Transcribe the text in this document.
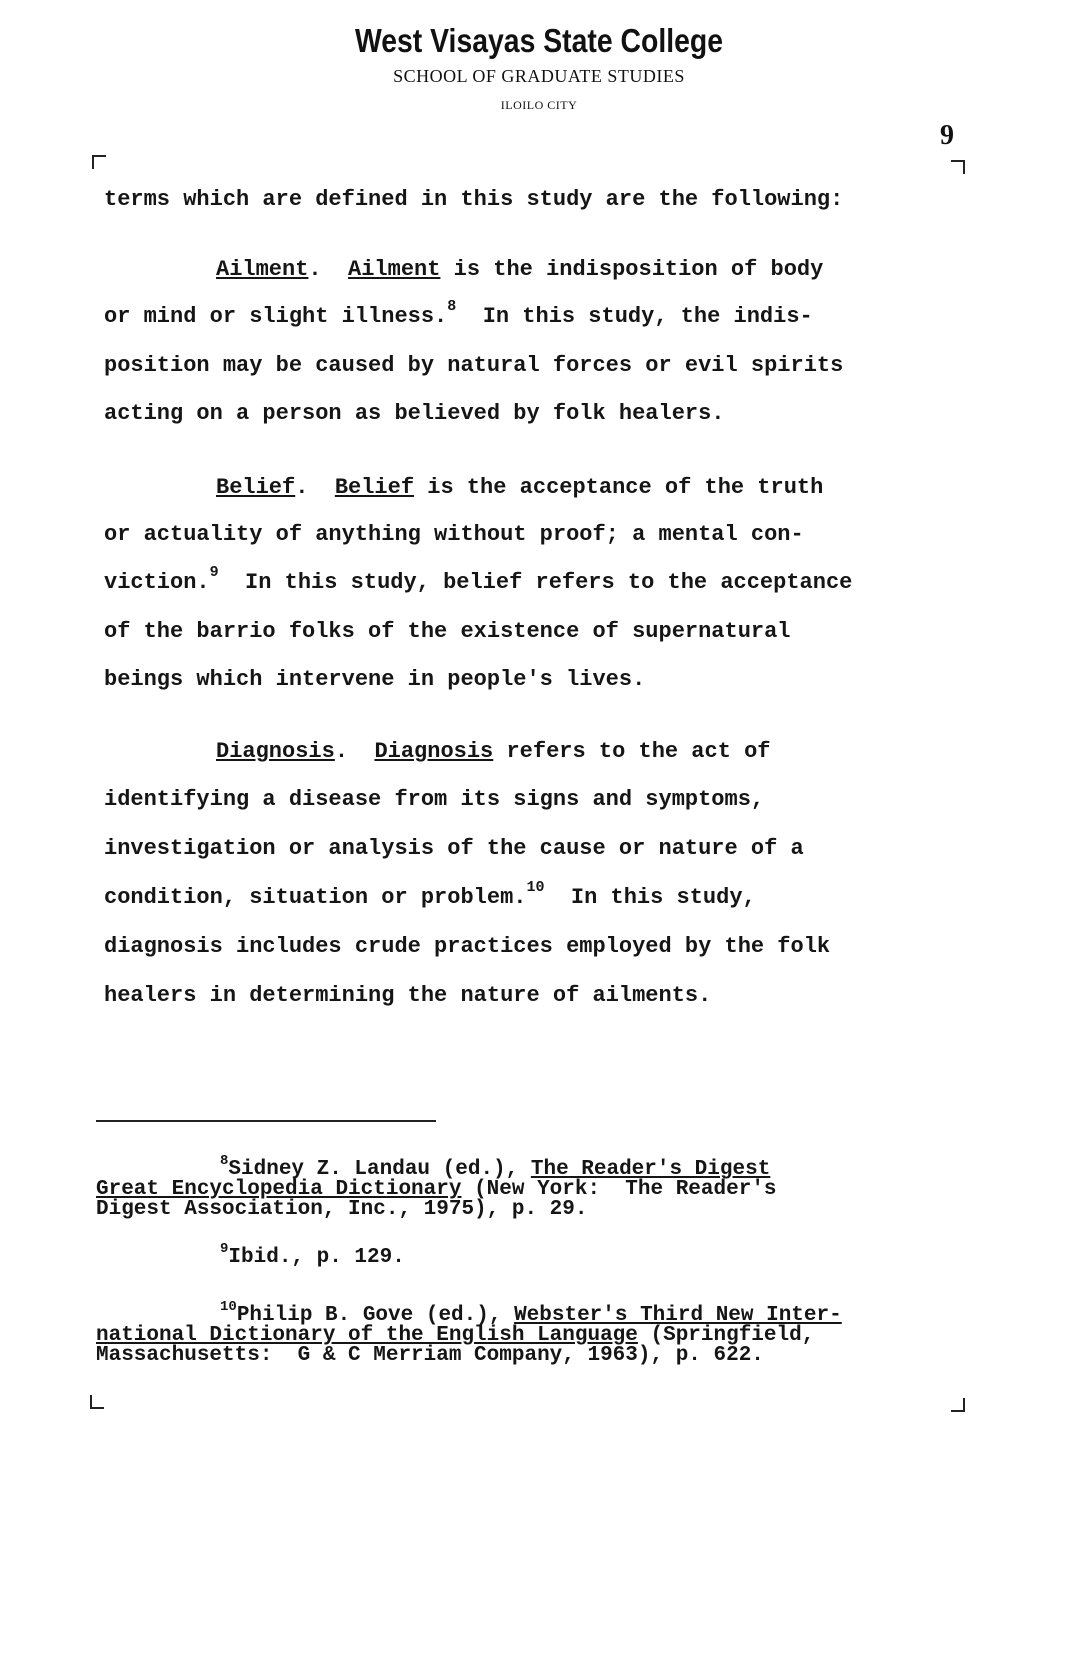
West Visayas State College
SCHOOL OF GRADUATE STUDIES
ILOILO CITY
9
terms which are defined in this study are the following:
Ailment.  Ailment is the indisposition of body
or mind or slight illness.$^8$ In this study, the indis-
position may be caused by natural forces or evil spirits
acting on a person as believed by folk healers.
Belief.  Belief is the acceptance of the truth
or actuality of anything without proof; a mental con-
viction.$^9$ In this study, belief refers to the acceptance
of the barrio folks of the existence of supernatural
beings which intervene in people's lives.
Diagnosis.  Diagnosis refers to the act of
identifying a disease from its signs and symptoms,
investigation or analysis of the cause or nature of a
condition, situation or problem.$^{10}$ In this study,
diagnosis includes crude practices employed by the folk
healers in determining the nature of ailments.
$^8$Sidney Z. Landau (ed.), The Reader's Digest
Great Encyclopedia Dictionary (New York:  The Reader's
Digest Association, Inc., 1975), p. 29.
$^9$Ibid., p. 129.
$^{10}$Philip B. Gove (ed.), Webster's Third New Inter-
national Dictionary of the English Language (Springfield,
Massachusetts:  G & C Merriam Company, 1963), p. 622.
